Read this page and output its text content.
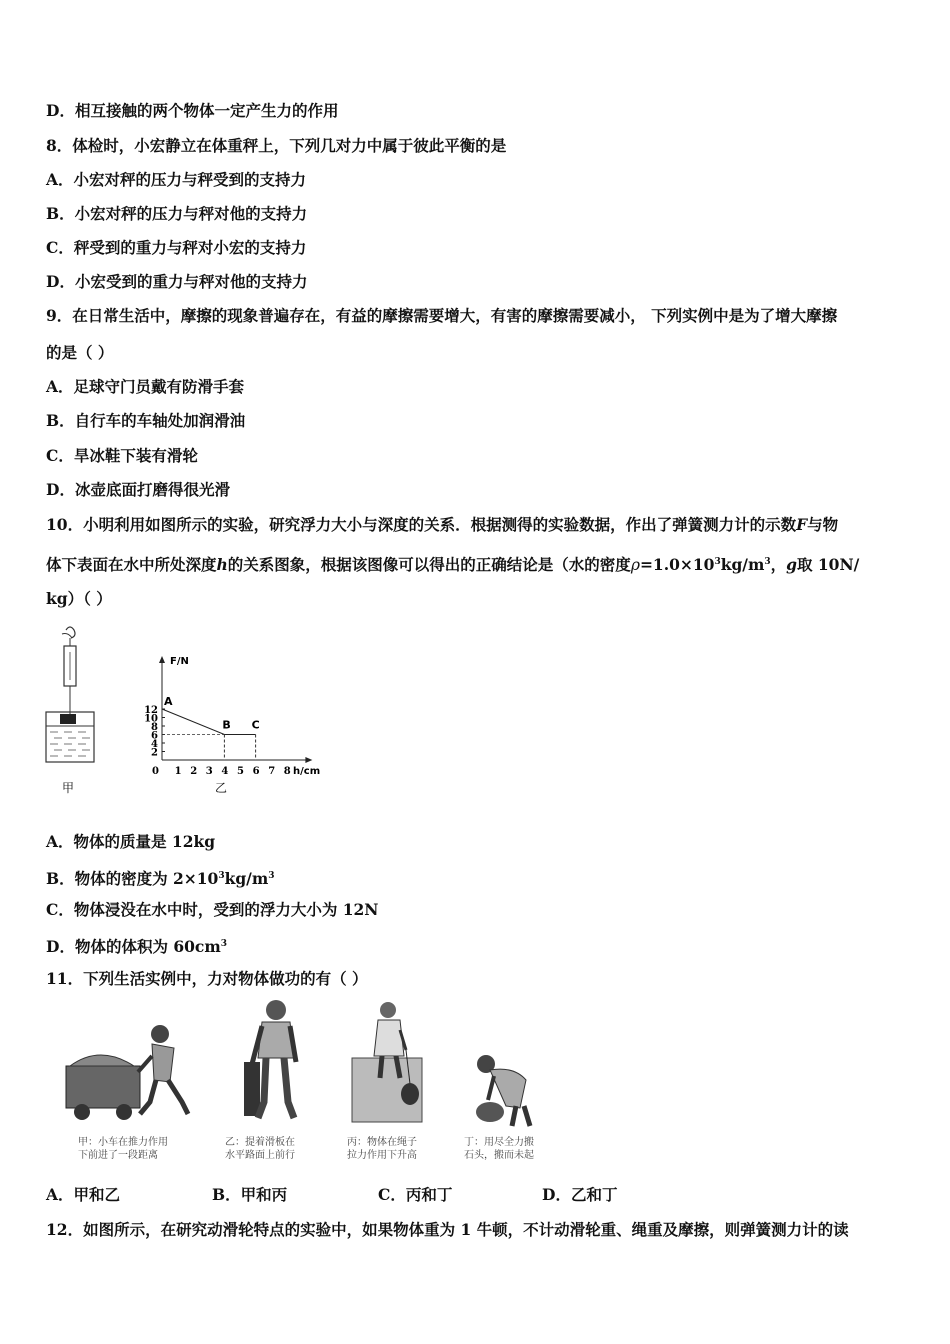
D．相互接触的两个物体一定产生力的作用
8．体检时，小宏静立在体重秤上，下列几对力中属于彼此平衡的是
A．小宏对秤的压力与秤受到的支持力
B．小宏对秤的压力与秤对他的支持力
C．秤受到的重力与秤对小宏的支持力
D．小宏受到的重力与秤对他的支持力
9．在日常生活中，摩擦的现象普遍存在，有益的摩擦需要增大，有害的摩擦需要减小， 下列实例中是为了增大摩擦
的是（ ）
A．足球守门员戴有防滑手套
B．自行车的车轴处加润滑油
C．旱冰鞋下装有滑轮
D．冰壶底面打磨得很光滑
10．小明利用如图所示的实验，研究浮力大小与深度的关系．根据测得的实验数据，作出了弹簧测力计的示数F与物
体下表面在水中所处深度h的关系图象，根据该图像可以得出的正确结论是（水的密度$\rho=1.0\times 10^3kg/m^3$，g取 10N/
kg）（ ）
甲
F/N
h/cm
0 1 2 3 4 5 6 7 8
2
4
6
8
10
12
A
B C
乙
A．物体的质量是 12kg
B．物体的密度为 $2\times 10^3kg/m^3$
C．物体浸没在水中时，受到的浮力大小为 12N
D．物体的体积为 $60cm^3$
11．下列生活实例中，力对物体做功的有（ ）
甲：小车在推力作用
下前进了一段距离
乙：提着滑板在
水平路面上前行
丙：物体在绳子
拉力作用下升高
丁：用尽全力搬
石头，搬而未起
A．甲和乙	B．甲和丙	C．丙和丁	D．乙和丁
12．如图所示，在研究动滑轮特点的实验中，如果物体重为 1 牛顿，不计动滑轮重、绳重及摩擦，则弹簧测力计的读
